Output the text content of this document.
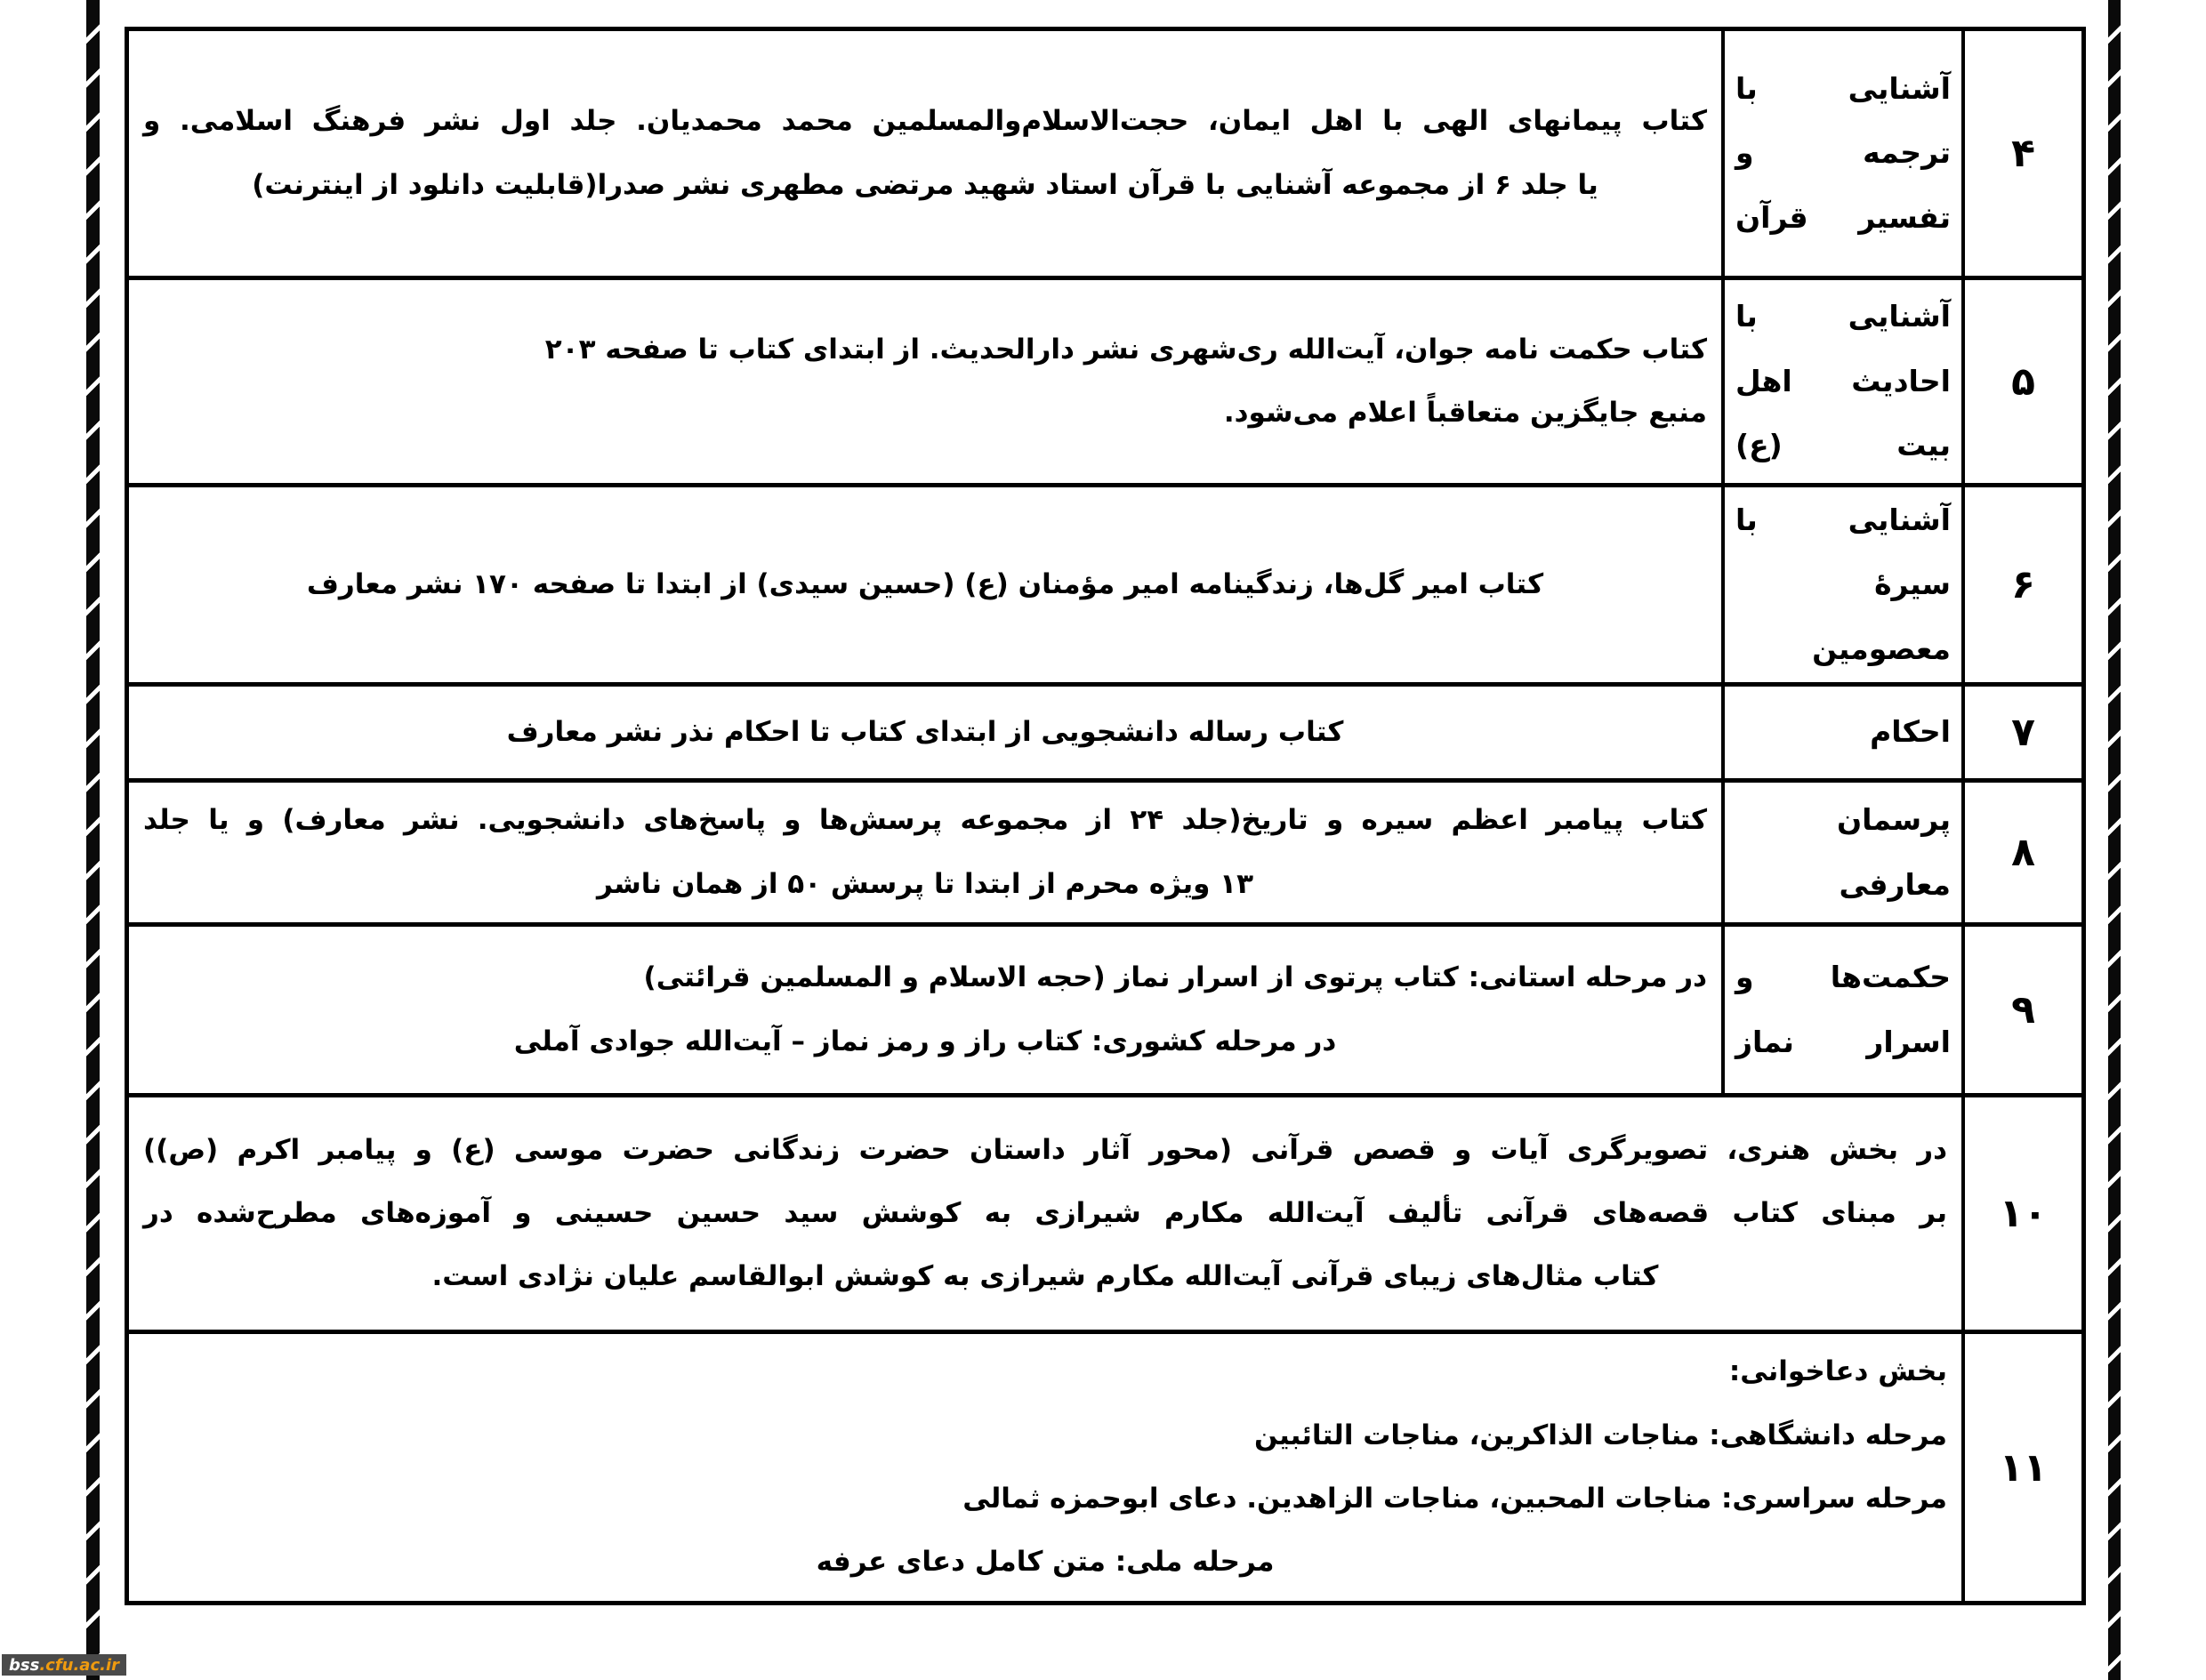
۴
آشنایی با
ترجمه و
تفسیر قرآن
کتاب پیمانهای الهی با اهل ایمان، حجت‌الاسلام‌والمسلمین محمد محمدیان. جلد اول نشر فرهنگ اسلامی. و
یا جلد ۶ از مجموعه آشنایی با قرآن استاد شهید مرتضی مطهری نشر صدرا(قابلیت دانلود از اینترنت)
۵
آشنایی با
احادیث اهل
بیت (ع)
کتاب حکمت نامه جوان، آیت‌الله ری‌شهری نشر دارالحدیث. از ابتدای کتاب تا صفحه ۲۰۳
منبع جایگزین متعاقباً اعلام می‌شود.
۶
آشنایی با
سیرهٔ
معصومین
کتاب امیر گل‌ها، زندگینامه امیر مؤمنان (ع) (حسین سیدی) از ابتدا تا صفحه ۱۷۰ نشر معارف
۷
احکام
کتاب رساله دانشجویی از ابتدای کتاب تا احکام نذر نشر معارف
۸
پرسمان
معارفی
کتاب پیامبر اعظم سیره و تاریخ(جلد ۲۴ از مجموعه پرسش‌ها و پاسخ‌های دانشجویی. نشر معارف) و یا جلد
۱۳ ویژه محرم از ابتدا تا پرسش ۵۰ از همان ناشر
۹
حکمت‌ها و
اسرار نماز
در مرحله استانی: کتاب پرتوی از اسرار نماز (حجه الاسلام و المسلمین قرائتی)
در مرحله کشوری: کتاب راز و رمز نماز – آیت‌الله جوادی آملی
۱۰
در بخش هنری، تصویرگری آیات و قصص قرآنی (محور آثار داستان حضرت زندگانی حضرت موسی (ع) و پیامبر اکرم (ص))
بر مبنای کتاب قصه‌های قرآنی تألیف آیت‌الله مکارم شیرازی به کوشش سید حسین حسینی و آموزه‌های مطرح‌شده در
کتاب مثال‌های زیبای قرآنی آیت‌الله مکارم شیرازی به کوشش ابوالقاسم علیان نژادی است.
۱۱
بخش دعاخوانی:
مرحله دانشگاهی: مناجات الذاکرین، مناجات التائبین
مرحله سراسری: مناجات المحبین، مناجات الزاهدین. دعای ابوحمزه ثمالی
مرحله ملی: متن کامل دعای عرفه
bss .cfu.ac.ir
